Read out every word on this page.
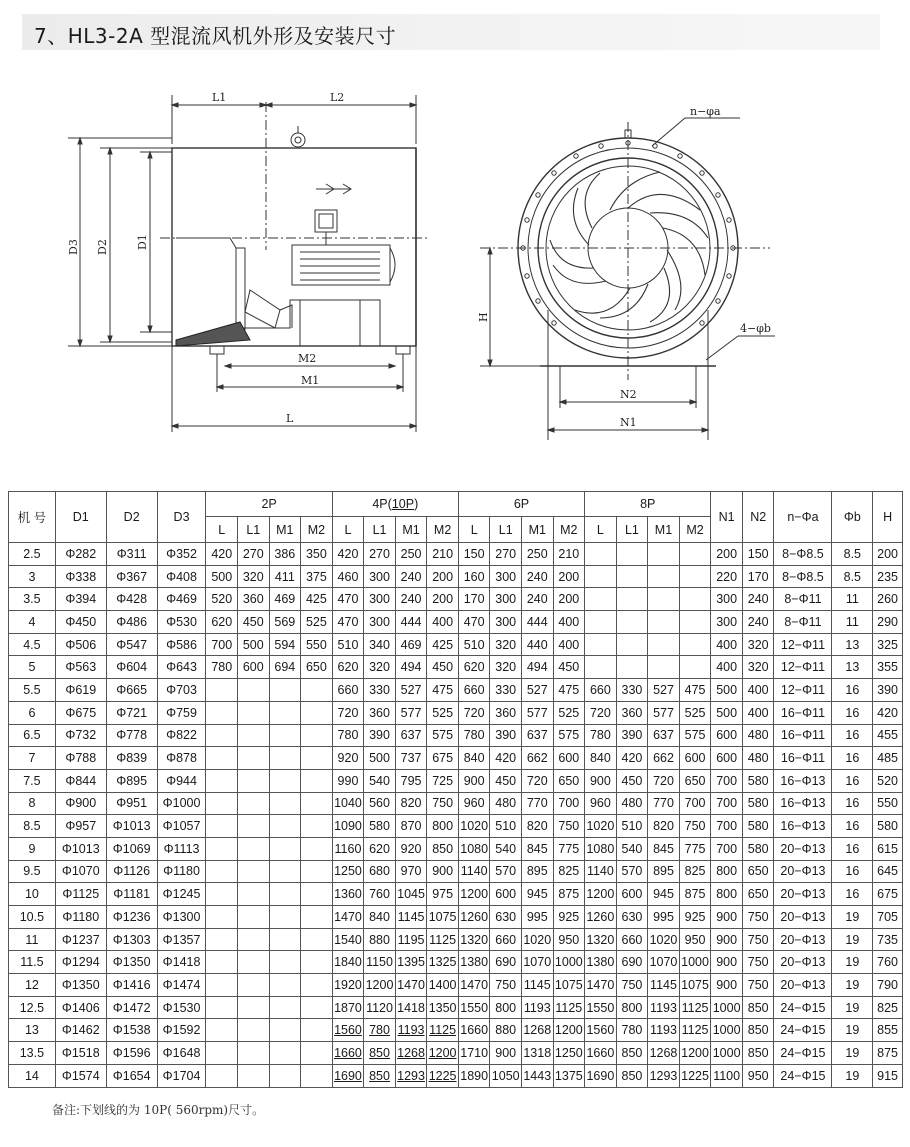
7、HL3-2A 型混流风机外形及安装尺寸
L1	L2
D3 D2 D1
M2
M1
L
n−φa
H
4−φb
N2
N1
机 号	D1	D2	D3	2P				4P(10P)				6P				8P				N1	N2	n−Φa	Φb	H
				L	L1	M1	M2	L	L1	M1	M2	L	L1	M1	M2	L	L1	M1	M2					
2.5	Φ282	Φ311	Φ352	420	270	386	350	420	270	250	210	150	270	250	210					200	150	8−Φ8.5	8.5	200
3	Φ338	Φ367	Φ408	500	320	411	375	460	300	240	200	160	300	240	200					220	170	8−Φ8.5	8.5	235
3.5	Φ394	Φ428	Φ469	520	360	469	425	470	300	240	200	170	300	240	200					300	240	8−Φ11	11	260
4	Φ450	Φ486	Φ530	620	450	569	525	470	300	444	400	470	300	444	400					300	240	8−Φ11	11	290
4.5	Φ506	Φ547	Φ586	700	500	594	550	510	340	469	425	510	320	440	400					400	320	12−Φ11	13	325
5	Φ563	Φ604	Φ643	780	600	694	650	620	320	494	450	620	320	494	450					400	320	12−Φ11	13	355
5.5	Φ619	Φ665	Φ703					660	330	527	475	660	330	527	475	660	330	527	475	500	400	12−Φ11	16	390
6	Φ675	Φ721	Φ759					720	360	577	525	720	360	577	525	720	360	577	525	500	400	16−Φ11	16	420
6.5	Φ732	Φ778	Φ822					780	390	637	575	780	390	637	575	780	390	637	575	600	480	16−Φ11	16	455
7	Φ788	Φ839	Φ878					920	500	737	675	840	420	662	600	840	420	662	600	600	480	16−Φ11	16	485
7.5	Φ844	Φ895	Φ944					990	540	795	725	900	450	720	650	900	450	720	650	700	580	16−Φ13	16	520
8	Φ900	Φ951	Φ1000					1040	560	820	750	960	480	770	700	960	480	770	700	700	580	16−Φ13	16	550
8.5	Φ957	Φ1013	Φ1057					1090	580	870	800	1020	510	820	750	1020	510	820	750	700	580	16−Φ13	16	580
9	Φ1013	Φ1069	Φ1113					1160	620	920	850	1080	540	845	775	1080	540	845	775	700	580	20−Φ13	16	615
9.5	Φ1070	Φ1126	Φ1180					1250	680	970	900	1140	570	895	825	1140	570	895	825	800	650	20−Φ13	16	645
10	Φ1125	Φ1181	Φ1245					1360	760	1045	975	1200	600	945	875	1200	600	945	875	800	650	20−Φ13	16	675
10.5	Φ1180	Φ1236	Φ1300					1470	840	1145	1075	1260	630	995	925	1260	630	995	925	900	750	20−Φ13	19	705
11	Φ1237	Φ1303	Φ1357					1540	880	1195	1125	1320	660	1020	950	1320	660	1020	950	900	750	20−Φ13	19	735
11.5	Φ1294	Φ1350	Φ1418					1840	1150	1395	1325	1380	690	1070	1000	1380	690	1070	1000	900	750	20−Φ13	19	760
12	Φ1350	Φ1416	Φ1474					1920	1200	1470	1400	1470	750	1145	1075	1470	750	1145	1075	900	750	20−Φ13	19	790
12.5	Φ1406	Φ1472	Φ1530					1870	1120	1418	1350	1550	800	1193	1125	1550	800	1193	1125	1000	850	24−Φ15	19	825
13	Φ1462	Φ1538	Φ1592					1560	780	1193	1125	1660	880	1268	1200	1560	780	1193	1125	1000	850	24−Φ15	19	855
13.5	Φ1518	Φ1596	Φ1648					1660	850	1268	1200	1710	900	1318	1250	1660	850	1268	1200	1000	850	24−Φ15	19	875
14	Φ1574	Φ1654	Φ1704					1690	850	1293	1225	1890	1050	1443	1375	1690	850	1293	1225	1100	950	24−Φ15	19	915
备注:下划线的为 10P( 560rpm)尺寸。
